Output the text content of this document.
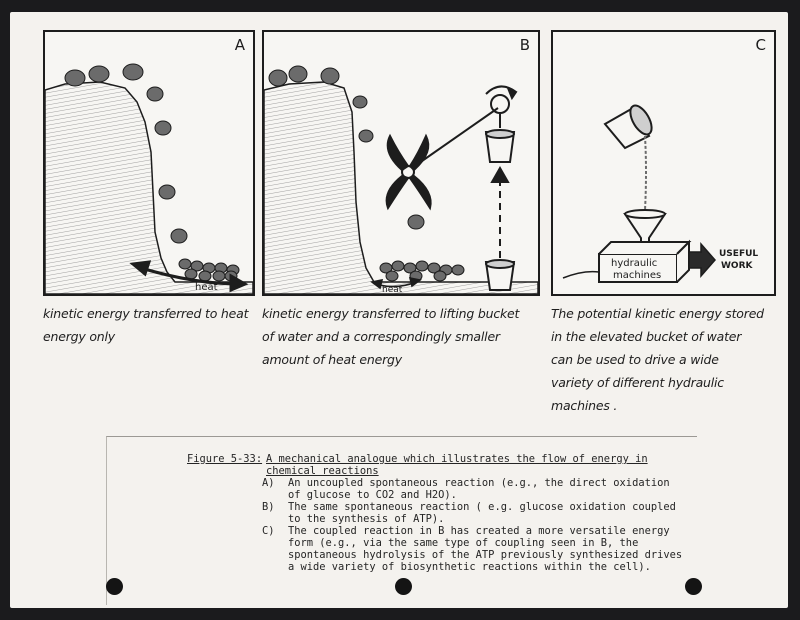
A
heat
B
heat
C
hydraulic
machines
USEFUL
WORK
kinetic energy transferred to heat
energy only
kinetic energy transferred to lifting bucket
of water and a correspondingly smaller
amount of heat energy
The potential kinetic energy stored
in the elevated bucket of water
can be used to drive a wide
variety of different hydraulic
machines .
Figure 5-33: A mechanical analogue which illustrates the flow of energy in chemical reactions
A) An uncoupled spontaneous reaction (e.g., the direct oxidation of glucose to CO2 and H2O).
B) The same spontaneous reaction ( e.g. glucose oxidation coupled to the synthesis of ATP).
C) The coupled reaction in B has created a more versatile energy form (e.g., via the same type of coupling seen in B, the spontaneous hydrolysis of the ATP previously synthesized drives a wide variety of biosynthetic reactions within the cell).
